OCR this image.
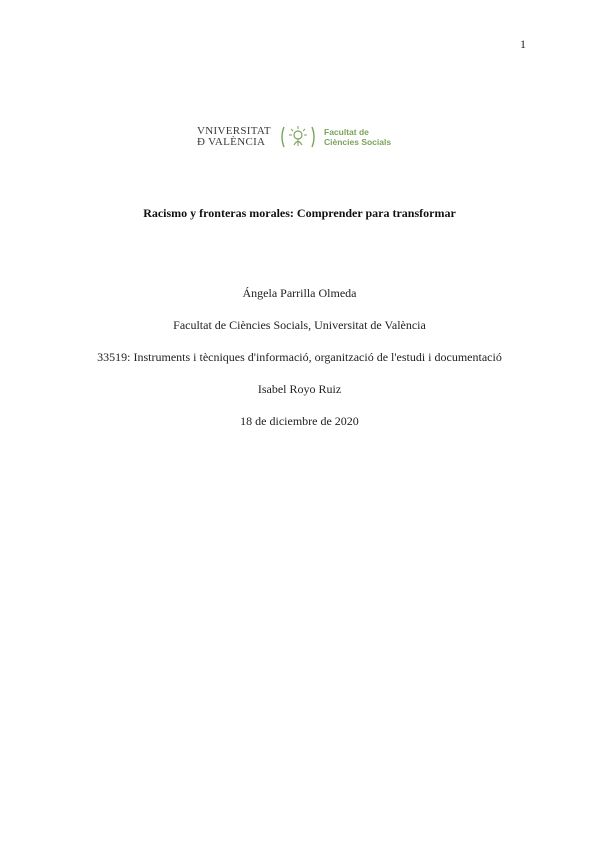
1
VNIVERSITAT
Đ VALÈNCIA
Facultat de
Ciències Socials
Racismo y fronteras morales: Comprender para transformar
Ángela Parrilla Olmeda
Facultat de Ciències Socials, Universitat de València
33519: Instruments i tècniques d'informació, organització de l'estudi i documentació
Isabel Royo Ruiz
18 de diciembre de 2020
